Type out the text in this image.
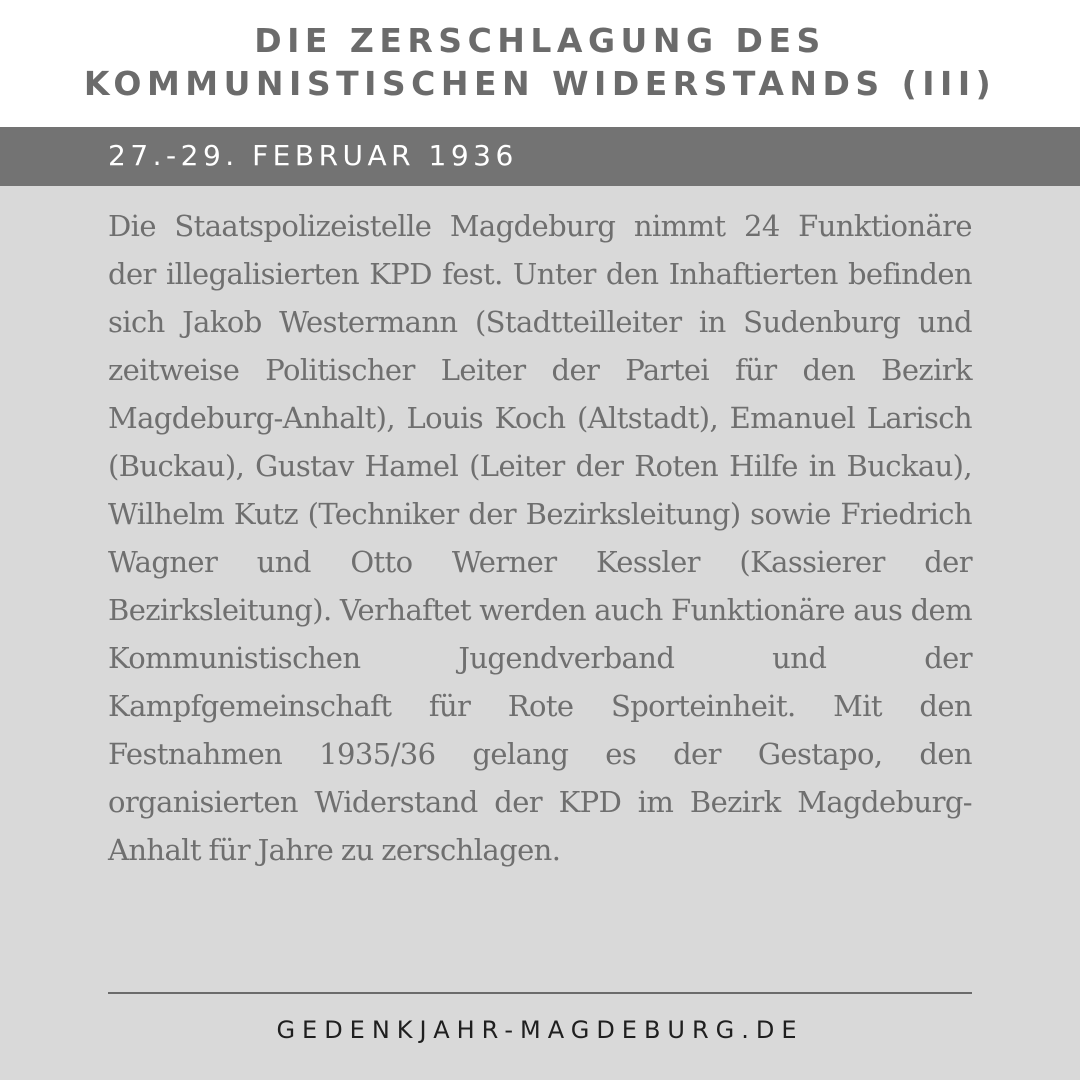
DIE ZERSCHLAGUNG DES
KOMMUNISTISCHEN WIDERSTANDS (III)
27.-29. FEBRUAR 1936

Die Staatspolizeistelle Magdeburg nimmt 24 Funktionäre der illegalisierten KPD fest. Unter den Inhaftierten befinden sich Jakob Westermann (Stadtteilleiter in Sudenburg und zeitweise Politischer Leiter der Partei für den Bezirk Magdeburg-Anhalt), Louis Koch (Altstadt), Emanuel Larisch (Buckau), Gustav Hamel (Leiter der Roten Hilfe in Buckau), Wilhelm Kutz (Techniker der Bezirksleitung) sowie Friedrich Wagner und Otto Werner Kessler (Kassierer der Bezirksleitung). Verhaftet werden auch Funktionäre aus dem Kommunistischen Jugendverband und der Kampfgemeinschaft für Rote Sporteinheit. Mit den Festnahmen 1935/36 gelang es der Gestapo, den organisierten Widerstand der KPD im Bezirk Magdeburg-Anhalt für Jahre zu zerschlagen.

GEDENKJAHR-MAGDEBURG.DE
